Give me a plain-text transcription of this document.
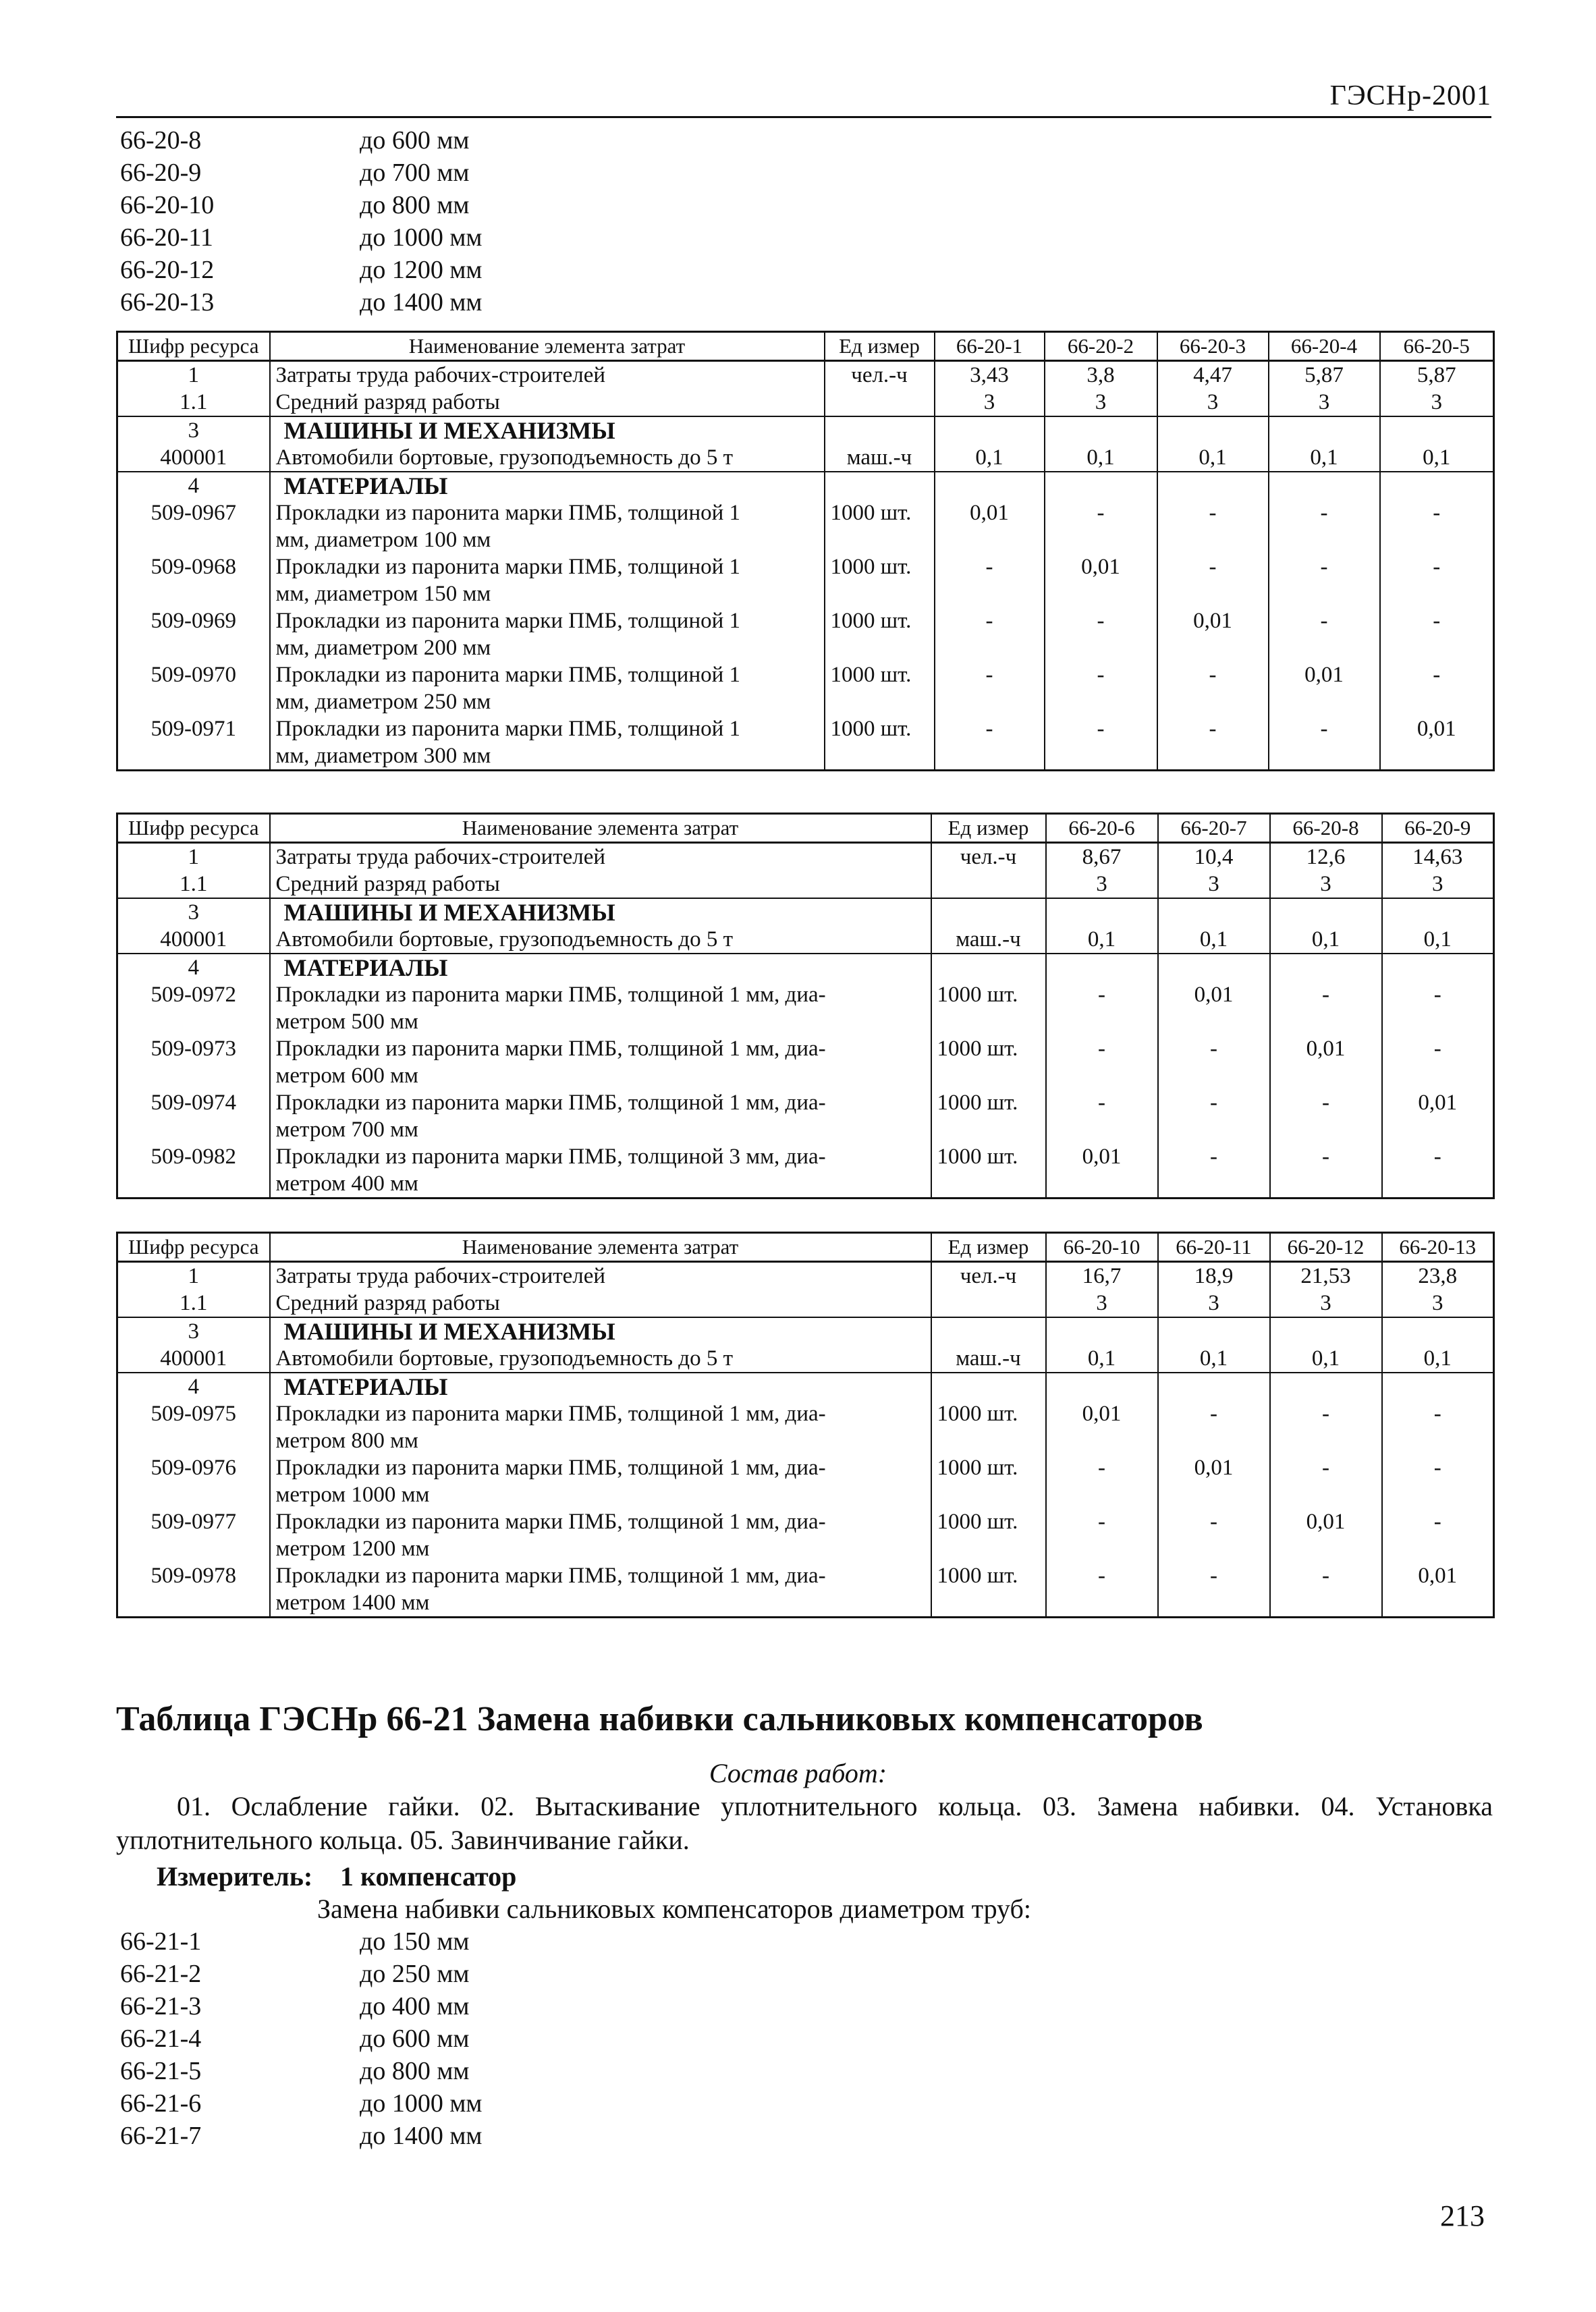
ГЭСНр-2001
66-20-8	до 600 мм
66-20-9	до 700 мм
66-20-10	до 800 мм
66-20-11	до 1000 мм
66-20-12	до 1200 мм
66-20-13	до 1400 мм
Шифр ресурса	Наименование элемента затрат	Ед измер	66-20-1	66-20-2	66-20-3	66-20-4	66-20-5
1	Затраты труда рабочих-строителей	чел.-ч	3,43	3,8	4,47	5,87	5,87
1.1	Средний разряд работы		3	3	3	3	3
3	МАШИНЫ И МЕХАНИЗМЫ						
400001	Автомобили бортовые, грузоподъемность до 5 т	маш.-ч	0,1	0,1	0,1	0,1	0,1
4	МАТЕРИАЛЫ						
509-0967	Прокладки из паронита марки ПМБ, толщиной 1
мм, диаметром 100 мм	1000 шт.	0,01	-	-	-	-
509-0968	Прокладки из паронита марки ПМБ, толщиной 1
мм, диаметром 150 мм	1000 шт.	-	0,01	-	-	-
509-0969	Прокладки из паронита марки ПМБ, толщиной 1
мм, диаметром 200 мм	1000 шт.	-	-	0,01	-	-
509-0970	Прокладки из паронита марки ПМБ, толщиной 1
мм, диаметром 250 мм	1000 шт.	-	-	-	0,01	-
509-0971	Прокладки из паронита марки ПМБ, толщиной 1
мм, диаметром 300 мм	1000 шт.	-	-	-	-	0,01
Шифр ресурса	Наименование элемента затрат	Ед измер	66-20-6	66-20-7	66-20-8	66-20-9
1	Затраты труда рабочих-строителей	чел.-ч	8,67	10,4	12,6	14,63
1.1	Средний разряд работы		3	3	3	3
3	МАШИНЫ И МЕХАНИЗМЫ					
400001	Автомобили бортовые, грузоподъемность до 5 т	маш.-ч	0,1	0,1	0,1	0,1
4	МАТЕРИАЛЫ					
509-0972	Прокладки из паронита марки ПМБ, толщиной 1 мм, диа-
метром 500 мм	1000 шт.	-	0,01	-	-
509-0973	Прокладки из паронита марки ПМБ, толщиной 1 мм, диа-
метром 600 мм	1000 шт.	-	-	0,01	-
509-0974	Прокладки из паронита марки ПМБ, толщиной 1 мм, диа-
метром 700 мм	1000 шт.	-	-	-	0,01
509-0982	Прокладки из паронита марки ПМБ, толщиной 3 мм, диа-
метром 400 мм	1000 шт.	0,01	-	-	-
Шифр ресурса	Наименование элемента затрат	Ед измер	66-20-10	66-20-11	66-20-12	66-20-13
1	Затраты труда рабочих-строителей	чел.-ч	16,7	18,9	21,53	23,8
1.1	Средний разряд работы		3	3	3	3
3	МАШИНЫ И МЕХАНИЗМЫ					
400001	Автомобили бортовые, грузоподъемность до 5 т	маш.-ч	0,1	0,1	0,1	0,1
4	МАТЕРИАЛЫ					
509-0975	Прокладки из паронита марки ПМБ, толщиной 1 мм, диа-
метром 800 мм	1000 шт.	0,01	-	-	-
509-0976	Прокладки из паронита марки ПМБ, толщиной 1 мм, диа-
метром 1000 мм	1000 шт.	-	0,01	-	-
509-0977	Прокладки из паронита марки ПМБ, толщиной 1 мм, диа-
метром 1200 мм	1000 шт.	-	-	0,01	-
509-0978	Прокладки из паронита марки ПМБ, толщиной 1 мм, диа-
метром 1400 мм	1000 шт.	-	-	-	0,01
Таблица ГЭСНр 66-21 Замена набивки сальниковых компенсаторов
Состав работ:
01. Ослабление гайки. 02. Вытаскивание уплотнительного кольца. 03. Замена набивки. 04. Установка уплотнительного кольца. 05. Завинчивание гайки.
Измеритель: 1 компенсатор
Замена набивки сальниковых компенсаторов диаметром труб:
66-21-1	до 150 мм
66-21-2	до 250 мм
66-21-3	до 400 мм
66-21-4	до 600 мм
66-21-5	до 800 мм
66-21-6	до 1000 мм
66-21-7	до 1400 мм
213
